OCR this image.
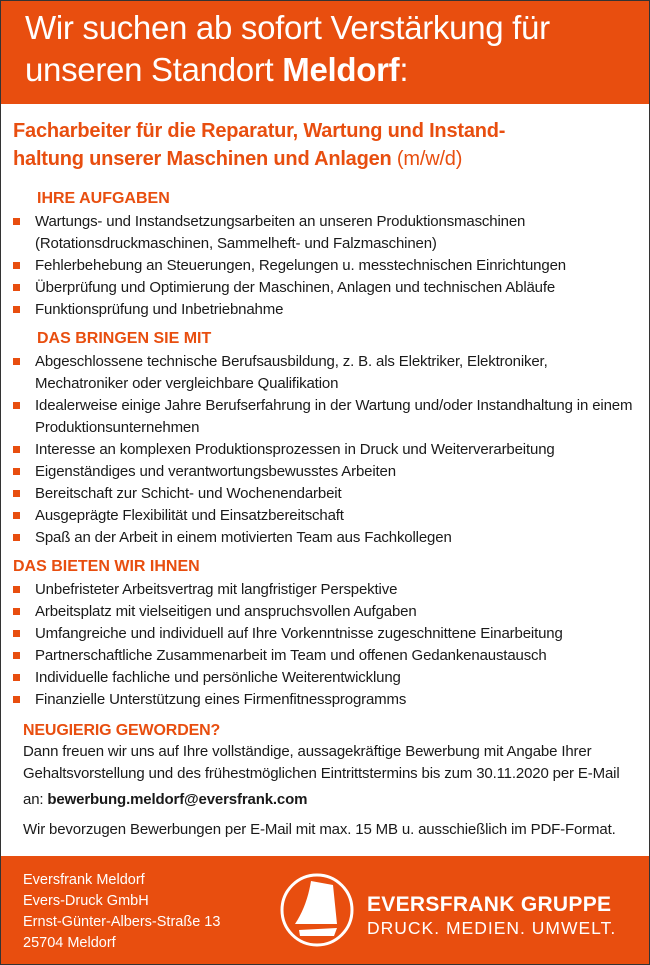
Wir suchen ab sofort Verstärkung für
unseren Standort Meldorf:
Facharbeiter für die Reparatur, Wartung und Instand-
haltung unserer Maschinen und Anlagen (m/w/d)
IHRE AUFGABEN
Wartungs- und Instandsetzungsarbeiten an unseren Produktionsmaschinen (Rotationsdruckmaschinen, Sammelheft- und Falzmaschinen)
Fehlerbehebung an Steuerungen, Regelungen u. messtechnischen Einrichtungen
Überprüfung und Optimierung der Maschinen, Anlagen und technischen Abläufe
Funktionsprüfung und Inbetriebnahme
DAS BRINGEN SIE MIT
Abgeschlossene technische Berufsausbildung, z. B. als Elektriker, Elektroniker, Mechatroniker oder vergleichbare Qualifikation
Idealerweise einige Jahre Berufserfahrung in der Wartung und/oder Instandhaltung in einem Produktionsunternehmen
Interesse an komplexen Produktionsprozessen in Druck und Weiterverarbeitung
Eigenständiges und verantwortungsbewusstes Arbeiten
Bereitschaft zur Schicht- und Wochenendarbeit
Ausgeprägte Flexibilität und Einsatzbereitschaft
Spaß an der Arbeit in einem motivierten Team aus Fachkollegen
DAS BIETEN WIR IHNEN
Unbefristeter Arbeitsvertrag mit langfristiger Perspektive
Arbeitsplatz mit vielseitigen und anspruchsvollen Aufgaben
Umfangreiche und individuell auf Ihre Vorkenntnisse zugeschnittene Einarbeitung
Partnerschaftliche Zusammenarbeit im Team und offenen Gedankenaustausch
Individuelle fachliche und persönliche Weiterentwicklung
Finanzielle Unterstützung eines Firmenfitnessprogramms
NEUGIERIG GEWORDEN?

Dann freuen wir uns auf Ihre vollständige, aussagekräftige Bewerbung mit Angabe Ihrer Gehaltsvorstellung und des frühestmöglichen Eintrittstermins bis zum 30.11.2020 per E-Mail

an: bewerbung.meldorf@eversfrank.com

Wir bevorzugen Bewerbungen per E-Mail mit max. 15 MB u. ausschießlich im PDF-Format.

Eversfrank Meldorf
Evers-Druck GmbH
Ernst-Günter-Albers-Straße 13
25704 Meldorf
EVERSFRANK GRUPPE
DRUCK. MEDIEN. UMWELT.
